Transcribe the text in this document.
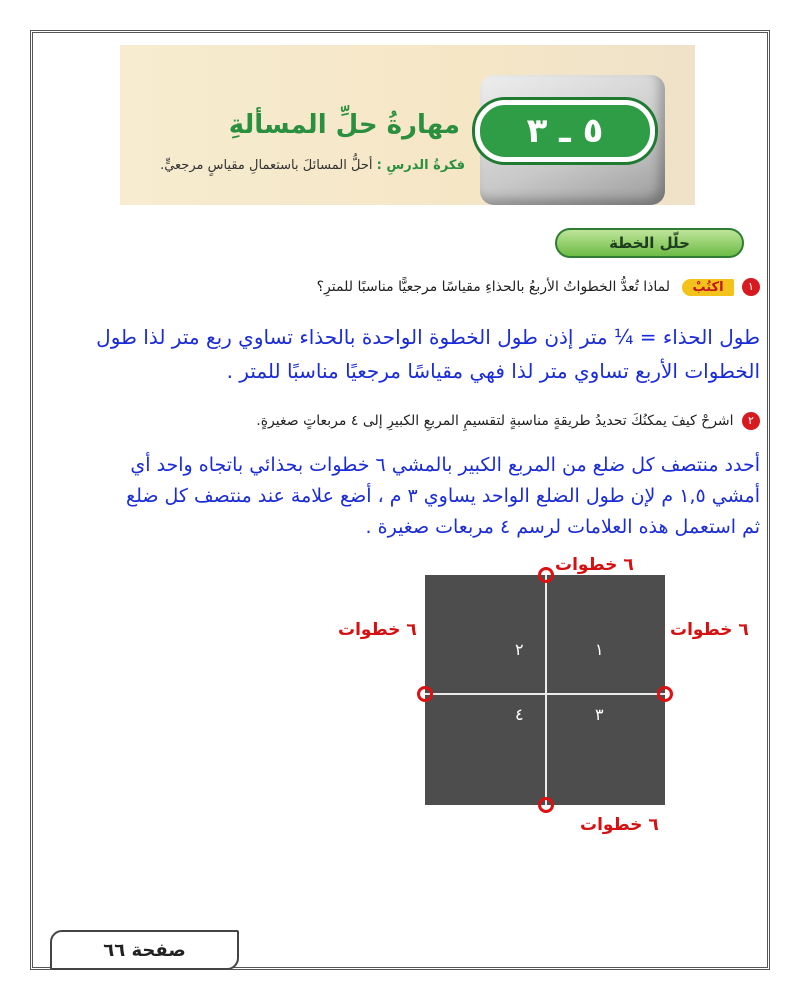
٥ ـ ٣
مهارةُ حلِّ المسألةِ
فكرةُ الدرسِ : أحلُّ المسائلَ باستعمالِ مقياسٍ مرجعيٍّ.
حلّل الخطة
١ اكتُبْ لماذا تُعدُّ الخطواتُ الأربعُ بالحذاءِ مقياسًا مرجعيًّا مناسبًا للمترِ؟
طول الحذاء = ¼ متر إذن طول الخطوة الواحدة بالحذاء تساوي ربع متر لذا طول
الخطوات الأربع تساوي متر لذا فهي مقياسًا مرجعيًا مناسبًا للمتر .
٢ اشرحْ كيفَ يمكنُكَ تحديدُ طريقةٍ مناسبةٍ لتقسيمِ المربعِ الكبيرِ إلى ٤ مربعاتٍ صغيرةٍ.
أحدد منتصف كل ضلع من المربع الكبير بالمشي ٦ خطوات بحذائي باتجاه واحد أي
أمشي ١,٥ م لإن طول الضلع الواحد يساوي ٣ م ، أضع علامة عند منتصف كل ضلع
ثم استعمل هذه العلامات لرسم ٤ مربعات صغيرة .
١
٢
٣
٤
٦ خطوات
٦ خطوات	٦ خطوات
٦ خطوات
صفحة ٦٦
